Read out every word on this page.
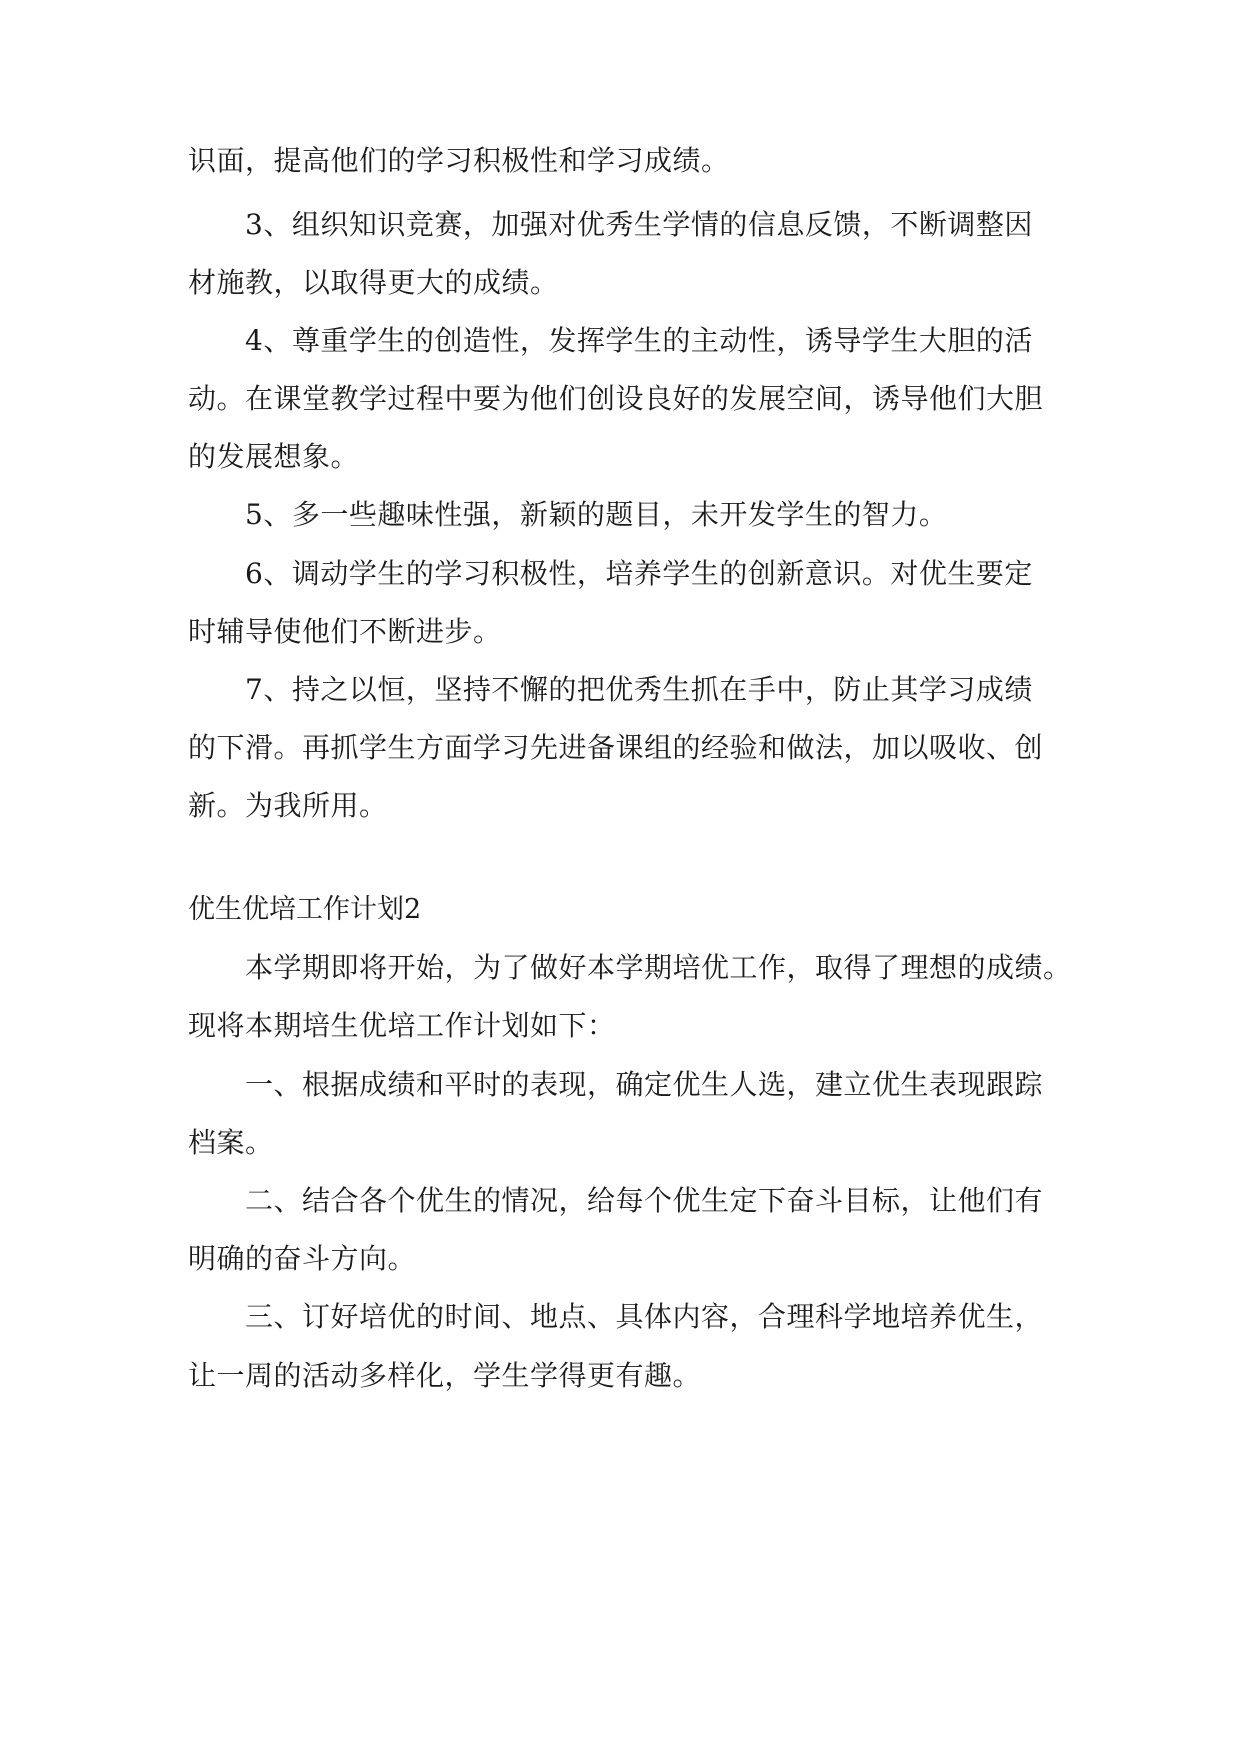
识面，提高他们的学习积极性和学习成绩。
3、组织知识竞赛，加强对优秀生学情的信息反馈，不断调整因
材施教，以取得更大的成绩。
4、尊重学生的创造性，发挥学生的主动性，诱导学生大胆的活
动。在课堂教学过程中要为他们创设良好的发展空间，诱导他们大胆
的发展想象。
5、多一些趣味性强，新颖的题目，未开发学生的智力。
6、调动学生的学习积极性，培养学生的创新意识。对优生要定
时辅导使他们不断进步。
7、持之以恒，坚持不懈的把优秀生抓在手中，防止其学习成绩
的下滑。再抓学生方面学习先进备课组的经验和做法，加以吸收、创
新。为我所用。
优生优培工作计划2
本学期即将开始，为了做好本学期培优工作，取得了理想的成绩。
现将本期培生优培工作计划如下：
一、根据成绩和平时的表现，确定优生人选，建立优生表现跟踪
档案。
二、结合各个优生的情况，给每个优生定下奋斗目标，让他们有
明确的奋斗方向。
三、订好培优的时间、地点、具体内容，合理科学地培养优生，
让一周的活动多样化，学生学得更有趣。
